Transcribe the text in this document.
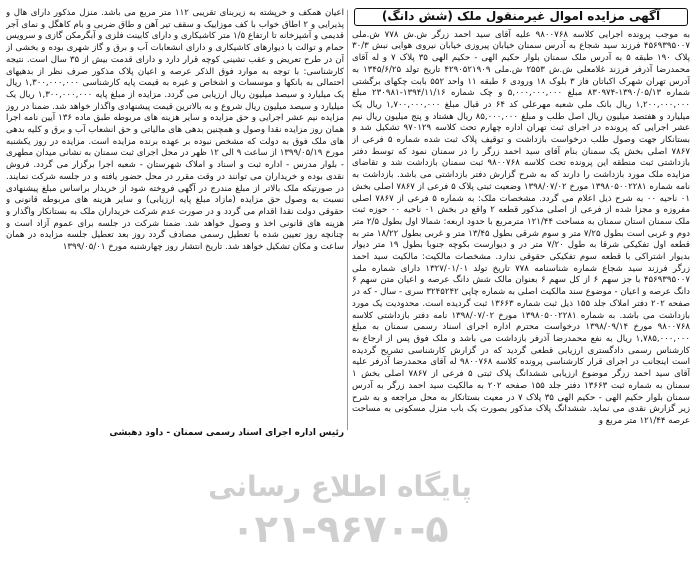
اعیان همکف و خرپشته به زیربنای تقریبی ۱۱۲ متر مربع می باشد. منزل مذکور دارای هال و پذیرایی و ۲ اطاق خواب با کف موزاییک و سقف تیر آهن و طاق ضربی و بام کاهگل و نمای آجر قدیمی و آشپزخانه تا ارتفاع ۱/۵ متر کاشیکاری و دارای کابینت فلزی و آبگرمکن گازی و سرویس حمام و توالت با دیوارهای کاشیکاری و دارای انشعابات آب و برق و گاز شهری بوده و بخشی از آن در طرح تعریض و عقب نشینی کوچه قرار دارد و دارای قدمت بیش از ۳۵ سال است. نتیجه کارشناسی: با توجه به موارد فوق الذکر عرصه و اعیان پلاک مذکور صرف نظر از بدهیهای احتمالی به بانکها و موسسات و اشخاص و غیره به قیمت پایه کارشناسی ۱,۳۰۰,۰۰۰,۰۰۰ ریال یک میلیارد و سیصد میلیون ریال ارزیابی می گردد. مزایده از مبلغ پایه ۱,۳۰۰,۰۰۰,۰۰۰ ریال یک میلیارد و سیصد میلیون ریال شروع و به بالاترین قیمت پیشنهادی واگذار خواهد شد. ضمنا در روز مزایده نیم عشر اجرایی و حق مزایده و سایر هزینه های مربوطه طبق ماده ۱۳۶ آیین نامه اجرا همان روز مزایده نقدا وصول و همچنین بدهی های مالیاتی و حق انشعاب آب و برق و کلیه بدهی های ملک فوق به دولت که مشخص نبوده بر عهده برنده مزایده است. مزایده در روز یکشنبه مورخ ۱۳۹۹/۰۵/۱۹ از ساعت ۹ الی ۱۲ ظهر در محل اجرای ثبت سمنان به نشانی میدان مطهری - بلوار مدرس - اداره ثبت و اسناد و املاک شهرستان - شعبه اجرا برگزار می گردد. فروش نقدی بوده و خریداران می توانند در وقت مقرر در محل حضور یافته و در جلسه شرکت نمایند. در صورتیکه ملک بالاتر از مبلغ مندرج در آگهی فروخته شود از خریدار براساس مبلغ پیشنهادی نسبت به وصول حق مزایده (مازاد مبلغ پایه ارزیابی) و سایر هزینه های مربوطه قانونی و حقوقی دولت نقدا اقدام می گردد و در صورت عدم شرکت خریداران ملک به بستانکار واگذار و هزینه های قانونی اخذ و وصول خواهد شد. ضمنا شرکت در جلسه برای عموم آزاد است و چنانچه روز تعیین شده با تعطیل رسمی مصادف گردد روز بعد تعطیل جلسه مزایده در همان ساعت و مکان تشکیل خواهد شد. تاریخ انتشار روز چهارشنبه مورخ ۱۳۹۹/۰۵/۰۱

رئیس اداره اجرای اسناد رسمی سمنان - داود دهبشی
آگهی مزایده اموال غیرمنقول ملک (شش دانگ)

به موجب پرونده اجرایی کلاسه ۹۸۰۰۷۶۸ علیه آقای سید احمد زرگر ش.ش ۷۷۸ ش.ملی ۴۵۶۹۳۹۵۰۰۷ فرزند سید شجاع به آدرس سمنان خیابان پیروزی خیابان نیروی هوایی نبش ۳۰/۳ پلاک ۱۹۰ طبقه ۵ به آدرس ملک سمنان بلوار حکیم الهی - حکیم الهی ۳۵ پلاک ۷ و له آقای محمدرضا آذرفر فرزند غلامعلی ش.ش ۲۵۵۳ ش.ملی ۴۲۹۰۵۲۱۹۰۹ تاریخ تولد ۱۳۴۵/۶/۲۵ به آدرس تهران شهرک اکباتان فاز ۳ بلوک ۱۸ ورودی ۶ طبقه ۱۱ واحد ۵۵۲ بابت چکهای برگشتی شماره ۱۳۹۰/۰۵/۱۳-۸۳۰۹۷۴ مبلغ ۵,۰۰۰,۰۰۰,۰۰۰ و چک شماره ۱۳۹۴/۱۱/۱۶-۲۳۰۹۸۱ مبلغ ۱,۲۰۰,۰۰۰,۰۰۰ ریال بانک ملی شعبه مهرعلی کد ۶۴ در قبال مبلغ ۱,۷۰۰,۰۰۰,۰۰۰ ریال یک میلیارد و هفتصد میلیون ریال اصل طلب و مبلغ ۸۵,۰۰۰,۰۰۰ ریال هشتاد و پنج میلیون ریال نیم عشر اجرایی که پرونده در اجرای ثبت تهران اداره چهارم تحت کلاسه ۹۷۰۱۲۹ تشکیل شد و بستانکار جهت وصول طلب درخواست بازداشت و توقیف پلاک ثبت شده شماره ۵ فرعی از ۷۸۶۷ اصلی بخش یک سمنان بنام آقای سید احمد زرگر را در سمنان نمود که توسط دفتر بازداشتی ثبت منطقه این پرونده تحت کلاسه ۹۸۰۰۷۶۸ ثبت سمنان بازداشت شد و تقاضای مزایده ملک مورد بازداشت را دارند که به شرح گزارش دفتر بازداشتی می باشد. بازداشت به نامه شماره ۱۳۹۸۰۵۰۰۲۲۸۱ مورخ ۱۳۹۸/۰۷/۰۲ وضعیت ثبتی پلاک ۵ فرعی از ۷۸۶۷ اصلی بخش ۰۱ ناحیه ۰۰ به شرح ذیل اعلام می گردد. مشخصات ملک: به شماره ۵ فرعی از ۷۸۶۷ اصلی مفروزه و مجزا شده از فرعی از اصلی مذکور قطعه ۲ واقع در بخش ۰۱ ناحیه ۰۰ حوزه ثبت ملک سمنان استان سمنان به مساحت ۱۲۱/۴۴ مترمربع با حدود اربعه: شمالا اول بطول ۲/۵ متر دوم و غربی است بطول ۷/۲۵ متر و سوم شرقی بطول ۱۳/۴۵ متر و غربی بطول ۱۸/۲۲ متر به قطعه اول تفکیکی شرقا به طول ۷/۲۰ متر در و دیوارست بکوچه جنوبا بطول ۱۹ متر دیوار بدیوار اشتراکی با قطعه سوم تفکیکی حقوقی ندارد. مشخصات مالکیت: مالکیت سید احمد زرگر فرزند سید شجاع شماره شناسنامه ۷۷۸ تاریخ تولد ۱۳۲۷/۰۱/۰۱ دارای شماره ملی ۴۵۶۹۳۹۵۰۰۷ با جز سهم ۶ از کل سهم ۶ بعنوان مالک شش دانگ عرصه و اعیان متن سهم ۶ دانگ عرصه و اعیان - موضوع سند مالکیت اصلی به شماره چاپی ۳۲۴۵۲۴۲ سری - سال - که در صفحه ۲۰۲ دفتر املاک جلد ۱۵۵ ذیل ثبت شماره ۱۳۶۶۳ ثبت گردیده است. محدودیت یک مورد بازداشت می باشد. به شماره ۱۳۹۸۰۵۰۰۲۲۸۱ مورخ ۱۳۹۸/۰۷/۰۲ نامه دفتر بازداشتی کلاسه ۹۸۰۰۷۶۸ مورخ ۱۳۹۸/۰۹/۱۴ درخواست محترم اداره اجرای اسناد رسمی سمنان به مبلغ ۱,۷۸۵,۰۰۰,۰۰۰ ریال به نفع محمدرضا آذرفر بازداشت می باشد و ملک فوق پس از ارجاع به کارشناس رسمی دادگستری ارزیابی قطعی گردید که در گزارش کارشناسی تشریح گردیده است اینجانب در اجرای قرار کارشناسی پرونده کلاسه ۹۸۰۰۷۶۸ له آقای محمدرضا آذرفر علیه آقای سید احمد زرگر موضوع ارزیابی ششدانگ پلاک ثبتی ۵ فرعی از ۷۸۶۷ اصلی بخش ۱ سمنان به شماره ثبت ۱۳۶۶۳ دفتر جلد ۱۵۵ صفحه ۲۰۲ به مالکیت سید احمد زرگر به آدرس سمنان بلوار حکیم الهی - حکیم الهی ۳۵ پلاک ۷ در معیت بستانکار به محل مراجعه و به شرح زیر گزارش نقدی می نماید. ششدانگ پلاک مذکور بصورت یک باب منزل مسکونی به مساحت عرصه ۱۲۱/۴۴ متر مربع و

پایگاه اطلاع رسانی
۰۲۱-۹۶۷۰-۵
